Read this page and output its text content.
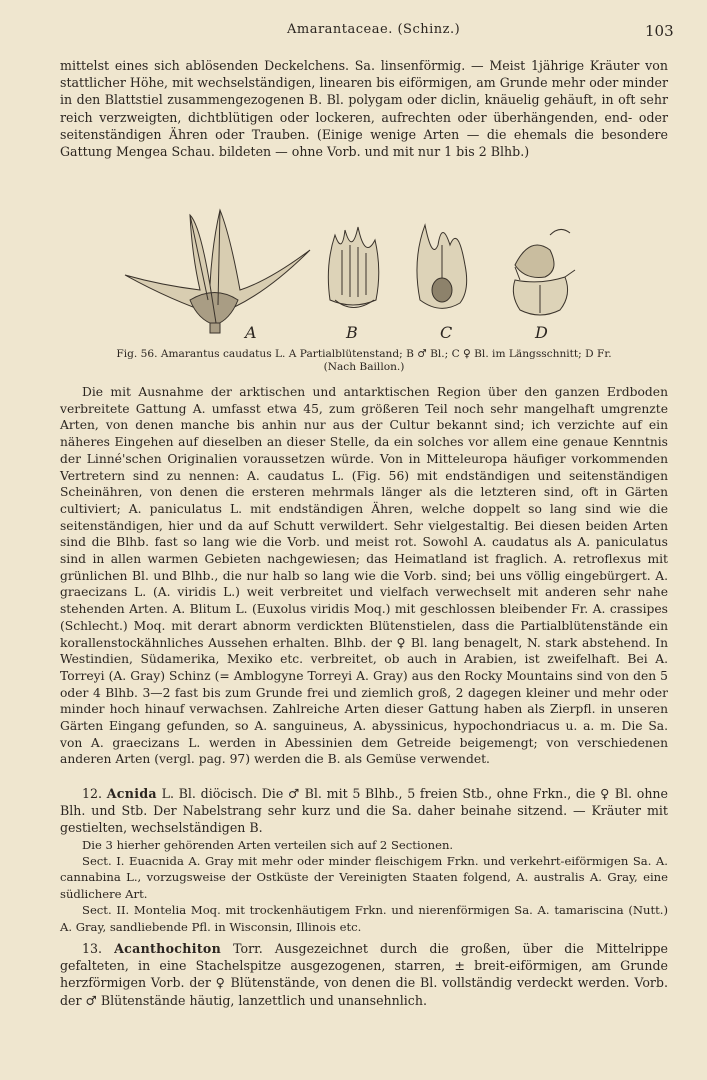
Amarantaceae. (Schinz.)	103

mittelst eines sich ablösenden Deckelchens. Sa. linsenförmig. — Meist 1jährige Kräuter von stattlicher Höhe, mit wechselständigen, linearen bis eiförmigen, am Grunde mehr oder minder in den Blattstiel zusammengezogenen B. Bl. polygam oder diclin, knäuelig gehäuft, in oft sehr reich verzweigten, dichtblütigen oder lockeren, aufrechten oder überhängenden, end- oder seitenständigen Ähren oder Trauben. (Einige wenige Arten — die ehemals die besondere Gattung Mengea Schau. bildeten — ohne Vorb. und mit nur 1 bis 2 Blhb.)

A	B	C	D
Fig. 56. Amarantus caudatus L. A Partialblütenstand; B ♂ Bl.; C ♀ Bl. im Längsschnitt; D Fr.
(Nach Baillon.)

Die mit Ausnahme der arktischen und antarktischen Region über den ganzen Erdboden verbreitete Gattung A. umfasst etwa 45, zum größeren Teil noch sehr mangelhaft umgrenzte Arten, von denen manche bis anhin nur aus der Cultur bekannt sind; ich verzichte auf ein näheres Eingehen auf dieselben an dieser Stelle, da ein solches vor allem eine genaue Kenntnis der Linné'schen Originalien voraussetzen würde. Von in Mitteleuropa häufiger vorkommenden Vertretern sind zu nennen: A. caudatus L. (Fig. 56) mit endständigen und seitenständigen Scheinähren, von denen die ersteren mehrmals länger als die letzteren sind, oft in Gärten cultiviert; A. paniculatus L. mit endständigen Ähren, welche doppelt so lang sind wie die seitenständigen, hier und da auf Schutt verwildert. Sehr vielgestaltig. Bei diesen beiden Arten sind die Blhb. fast so lang wie die Vorb. und meist rot. Sowohl A. caudatus als A. paniculatus sind in allen warmen Gebieten nachgewiesen; das Heimatland ist fraglich. A. retroflexus mit grünlichen Bl. und Blhb., die nur halb so lang wie die Vorb. sind; bei uns völlig eingebürgert. A. graecizans L. (A. viridis L.) weit verbreitet und vielfach verwechselt mit anderen sehr nahe stehenden Arten. A. Blitum L. (Euxolus viridis Moq.) mit geschlossen bleibender Fr. A. crassipes (Schlecht.) Moq. mit derart abnorm verdickten Blütenstielen, dass die Partialblütenstände ein korallenstockähnliches Aussehen erhalten. Blhb. der ♀ Bl. lang benagelt, N. stark abstehend. In Westindien, Südamerika, Mexiko etc. verbreitet, ob auch in Arabien, ist zweifelhaft. Bei A. Torreyi (A. Gray) Schinz (= Amblogyne Torreyi A. Gray) aus den Rocky Mountains sind von den 5 oder 4 Blhb. 3—2 fast bis zum Grunde frei und ziemlich groß, 2 dagegen kleiner und mehr oder minder hoch hinauf verwachsen. Zahlreiche Arten dieser Gattung haben als Zierpfl. in unseren Gärten Eingang gefunden, so A. sanguineus, A. abyssinicus, hypochondriacus u. a. m. Die Sa. von A. graecizans L. werden in Abessinien dem Getreide beigemengt; von verschiedenen anderen Arten (vergl. pag. 97) werden die B. als Gemüse verwendet.

12. Acnida L. Bl. diöcisch. Die ♂ Bl. mit 5 Blhb., 5 freien Stb., ohne Frkn., die ♀ Bl. ohne Blh. und Stb. Der Nabelstrang sehr kurz und die Sa. daher beinahe sitzend. — Kräuter mit gestielten, wechselständigen B.

Die 3 hierher gehörenden Arten verteilen sich auf 2 Sectionen.

Sect. I. Euacnida A. Gray mit mehr oder minder fleischigem Frkn. und verkehrt-eiförmigen Sa. A. cannabina L., vorzugsweise der Ostküste der Vereinigten Staaten folgend, A. australis A. Gray, eine südlichere Art.

Sect. II. Montelia Moq. mit trockenhäutigem Frkn. und nierenförmigen Sa. A. tamariscina (Nutt.) A. Gray, sandliebende Pfl. in Wisconsin, Illinois etc.

13. Acanthochiton Torr. Ausgezeichnet durch die großen, über die Mittelrippe gefalteten, in eine Stachelspitze ausgezogenen, starren, ± breit-eiförmigen, am Grunde herzförmigen Vorb. der ♀ Blütenstände, von denen die Bl. vollständig verdeckt werden. Vorb. der ♂ Blütenstände häutig, lanzettlich und unansehnlich.
